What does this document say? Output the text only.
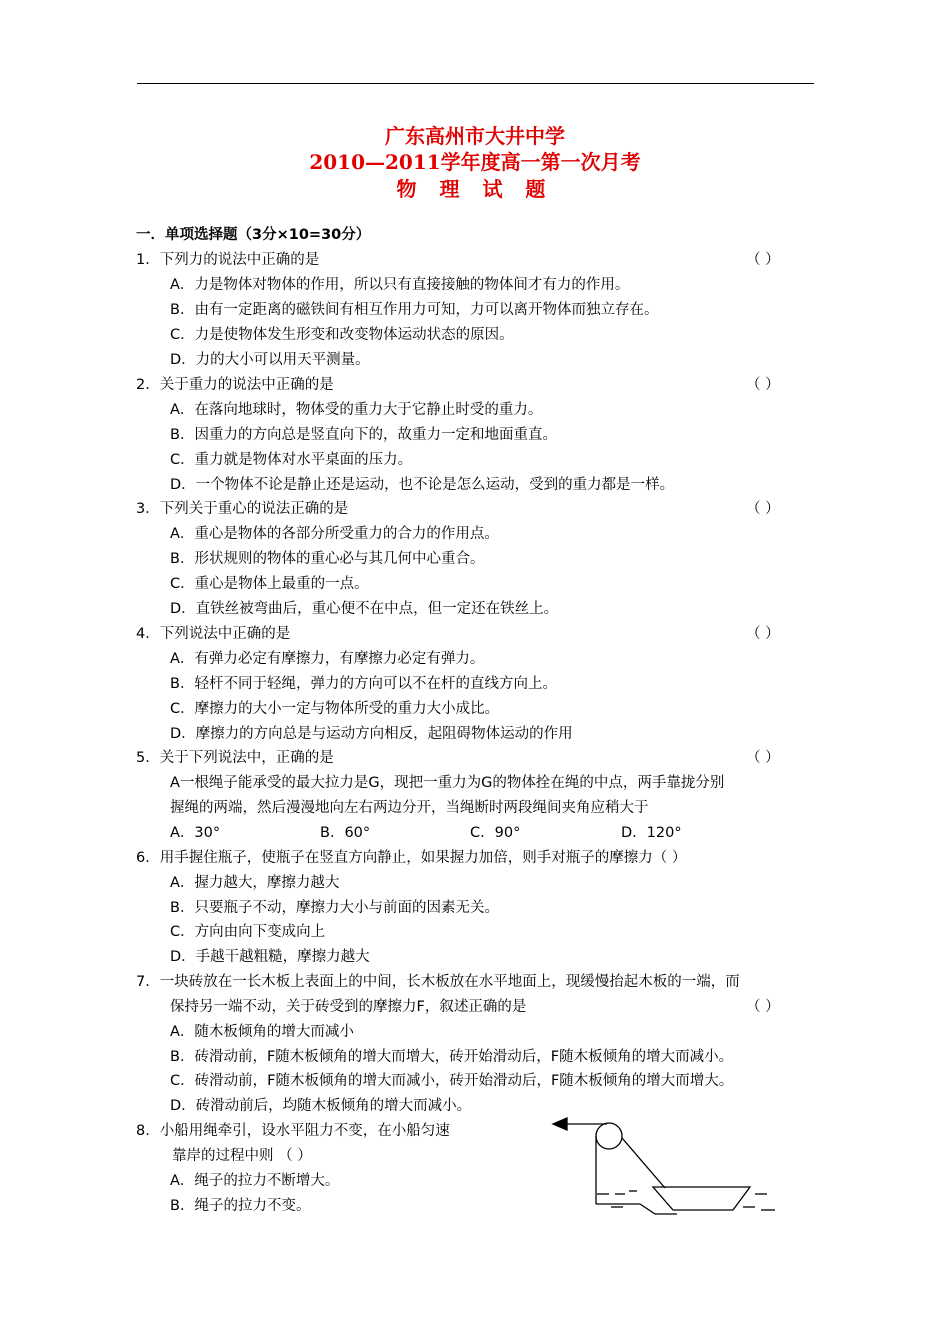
广东高州市大井中学
2010—2011学年度高一第一次月考
物 理 试 题
一．单项选择题（3分×10=30分）
1．下列力的说法中正确的是	（ ）
A．力是物体对物体的作用，所以只有直接接触的物体间才有力的作用。
B．由有一定距离的磁铁间有相互作用力可知，力可以离开物体而独立存在。
C．力是使物体发生形变和改变物体运动状态的原因。
D．力的大小可以用天平测量。
2．关于重力的说法中正确的是	（ ）
A．在落向地球时，物体受的重力大于它静止时受的重力。
B．因重力的方向总是竖直向下的，故重力一定和地面重直。
C．重力就是物体对水平桌面的压力。
D．一个物体不论是静止还是运动，也不论是怎么运动，受到的重力都是一样。
3．下列关于重心的说法正确的是	（ ）
A．重心是物体的各部分所受重力的合力的作用点。
B．形状规则的物体的重心必与其几何中心重合。
C．重心是物体上最重的一点。
D．直铁丝被弯曲后，重心便不在中点，但一定还在铁丝上。
4．下列说法中正确的是	（ ）
A．有弹力必定有摩擦力，有摩擦力必定有弹力。
B．轻杆不同于轻绳，弹力的方向可以不在杆的直线方向上。
C．摩擦力的大小一定与物体所受的重力大小成比。
D．摩擦力的方向总是与运动方向相反，起阻碍物体运动的作用
5．关于下列说法中，正确的是	（ ）
A一根绳子能承受的最大拉力是G，现把一重力为G的物体拴在绳的中点，两手靠拢分别
握绳的两端，然后漫漫地向左右两边分开，当绳断时两段绳间夹角应稍大于
A．30°	B．60°	C．90°	D．120°
6．用手握住瓶子，使瓶子在竖直方向静止，如果握力加倍，则手对瓶子的摩擦力（ ）
A．握力越大，摩擦力越大
B．只要瓶子不动，摩擦力大小与前面的因素无关。
C．方向由向下变成向上
D．手越干越粗糙，摩擦力越大
7．一块砖放在一长木板上表面上的中间，长木板放在水平地面上，现缓慢抬起木板的一端，而
保持另一端不动，关于砖受到的摩擦力F，叙述正确的是	（ ）
A．随木板倾角的增大而减小
B．砖滑动前，F随木板倾角的增大而增大，砖开始滑动后，F随木板倾角的增大而减小。
C．砖滑动前，F随木板倾角的增大而减小，砖开始滑动后，F随木板倾角的增大而增大。
D．砖滑动前后，均随木板倾角的增大而减小。
8．小船用绳牵引，设水平阻力不变，在小船匀速
靠岸的过程中则 （ ）
A．绳子的拉力不断增大。
B．绳子的拉力不变。
